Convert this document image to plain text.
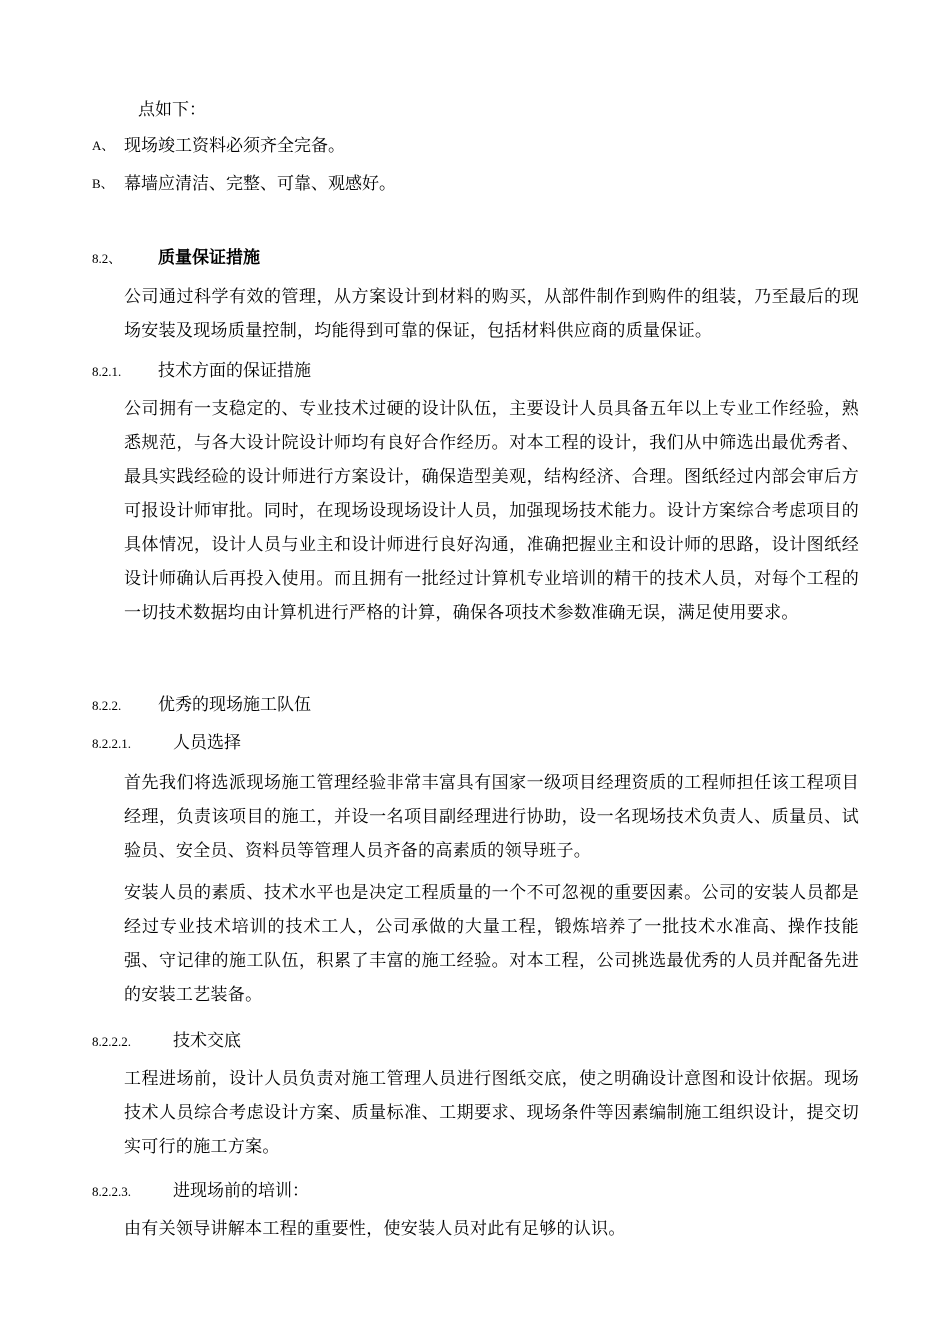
点如下：
A、 现场竣工资料必须齐全完备。
B、 幕墙应清洁、完整、可靠、观感好。
8.2、 质量保证措施
公司通过科学有效的管理，从方案设计到材料的购买，从部件制作到购件的组装，乃至最后的现场安装及现场质量控制，均能得到可靠的保证，包括材料供应商的质量保证。
8.2.1. 技术方面的保证措施
公司拥有一支稳定的、专业技术过硬的设计队伍，主要设计人员具备五年以上专业工作经验，熟悉规范，与各大设计院设计师均有良好合作经历。对本工程的设计，我们从中筛选出最优秀者、最具实践经硷的设计师进行方案设计，确保造型美观，结构经济、合理。图纸经过内部会审后方可报设计师审批。同时，在现场设现场设计人员，加强现场技术能力。设计方案综合考虑项目的具体情况，设计人员与业主和设计师进行良好沟通，准确把握业主和设计师的思路，设计图纸经设计师确认后再投入使用。而且拥有一批经过计算机专业培训的精干的技术人员，对每个工程的一切技术数据均由计算机进行严格的计算，确保各项技术参数准确无误，满足使用要求。
8.2.2. 优秀的现场施工队伍
8.2.2.1. 人员选择
首先我们将选派现场施工管理经验非常丰富具有国家一级项目经理资质的工程师担任该工程项目经理，负责该项目的施工，并设一名项目副经理进行协助，设一名现场技术负责人、质量员、试验员、安全员、资料员等管理人员齐备的高素质的领导班子。
安装人员的素质、技术水平也是决定工程质量的一个不可忽视的重要因素。公司的安装人员都是经过专业技术培训的技术工人，公司承做的大量工程，锻炼培养了一批技术水准高、操作技能强、守记律的施工队伍，积累了丰富的施工经验。对本工程，公司挑选最优秀的人员并配备先进的安装工艺装备。
8.2.2.2. 技术交底
工程进场前，设计人员负责对施工管理人员进行图纸交底，使之明确设计意图和设计依据。现场技术人员综合考虑设计方案、质量标准、工期要求、现场条件等因素编制施工组织设计，提交切实可行的施工方案。
8.2.2.3. 进现场前的培训：
由有关领导讲解本工程的重要性，使安装人员对此有足够的认识。
